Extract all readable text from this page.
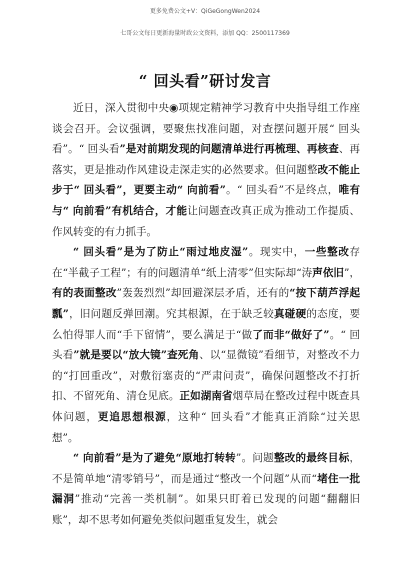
更多免费公文+V：QiGeGongWen2024
七哥公文每日更新海量时政公文资料，添加 QQ：2500117369
“ 回头看”研讨发言

近日，深入贯彻中央◉项规定精神学习教育中央指导组工作座谈会召开。会议强调，要聚焦找准问题，对查摆问题开展“ 回头看”。“ 回头看”是对前期发现的问题清单进行再梳理、再核查、再落实，更是推动作风建设走深走实的必然要求。但问题整改不能止步于“ 回头看”，更要主动“ 向前看”。“ 回头看”不是终点，唯有与“ 向前看”有机结合，才能让问题查改真正成为推动工作提质、作风转变的有力抓手。

“ 回头看”是为了防止“雨过地皮湿”。现实中，一些整改存在“半截子工程”；有的问题清单“纸上清零”但实际却“涛声依旧”，有的表面整改”轰轰烈烈”却回避深层矛盾，还有的“按下葫芦浮起瓢”，旧问题反弹回潮。究其根源，在于缺乏较真碰硬的态度，要么怕得罪人而“手下留情”，要么满足于“做了而非“做好了”。“ 回头看”就是要以“放大镜”查死角、以“显微镜”看细节，对整改不力的“打回重改”，对敷衍塞责的“严肃问责”，确保问题整改不打折扣、不留死角、清仓见底。正如湖南省烟草局在整改过程中既查具体问题，更追思想根源，这种“ 回头看”才能真正消除“过关思想”。

“ 向前看”是为了避免“原地打转转”。问题整改的最终目标，不是简单地“清零销号”，而是通过“整改一个问题”从而“堵住一批漏洞”推动“完善一类机制”。如果只盯着已发现的问题“翻翻旧账”，却不思考如何避免类似问题重复发生，就会
